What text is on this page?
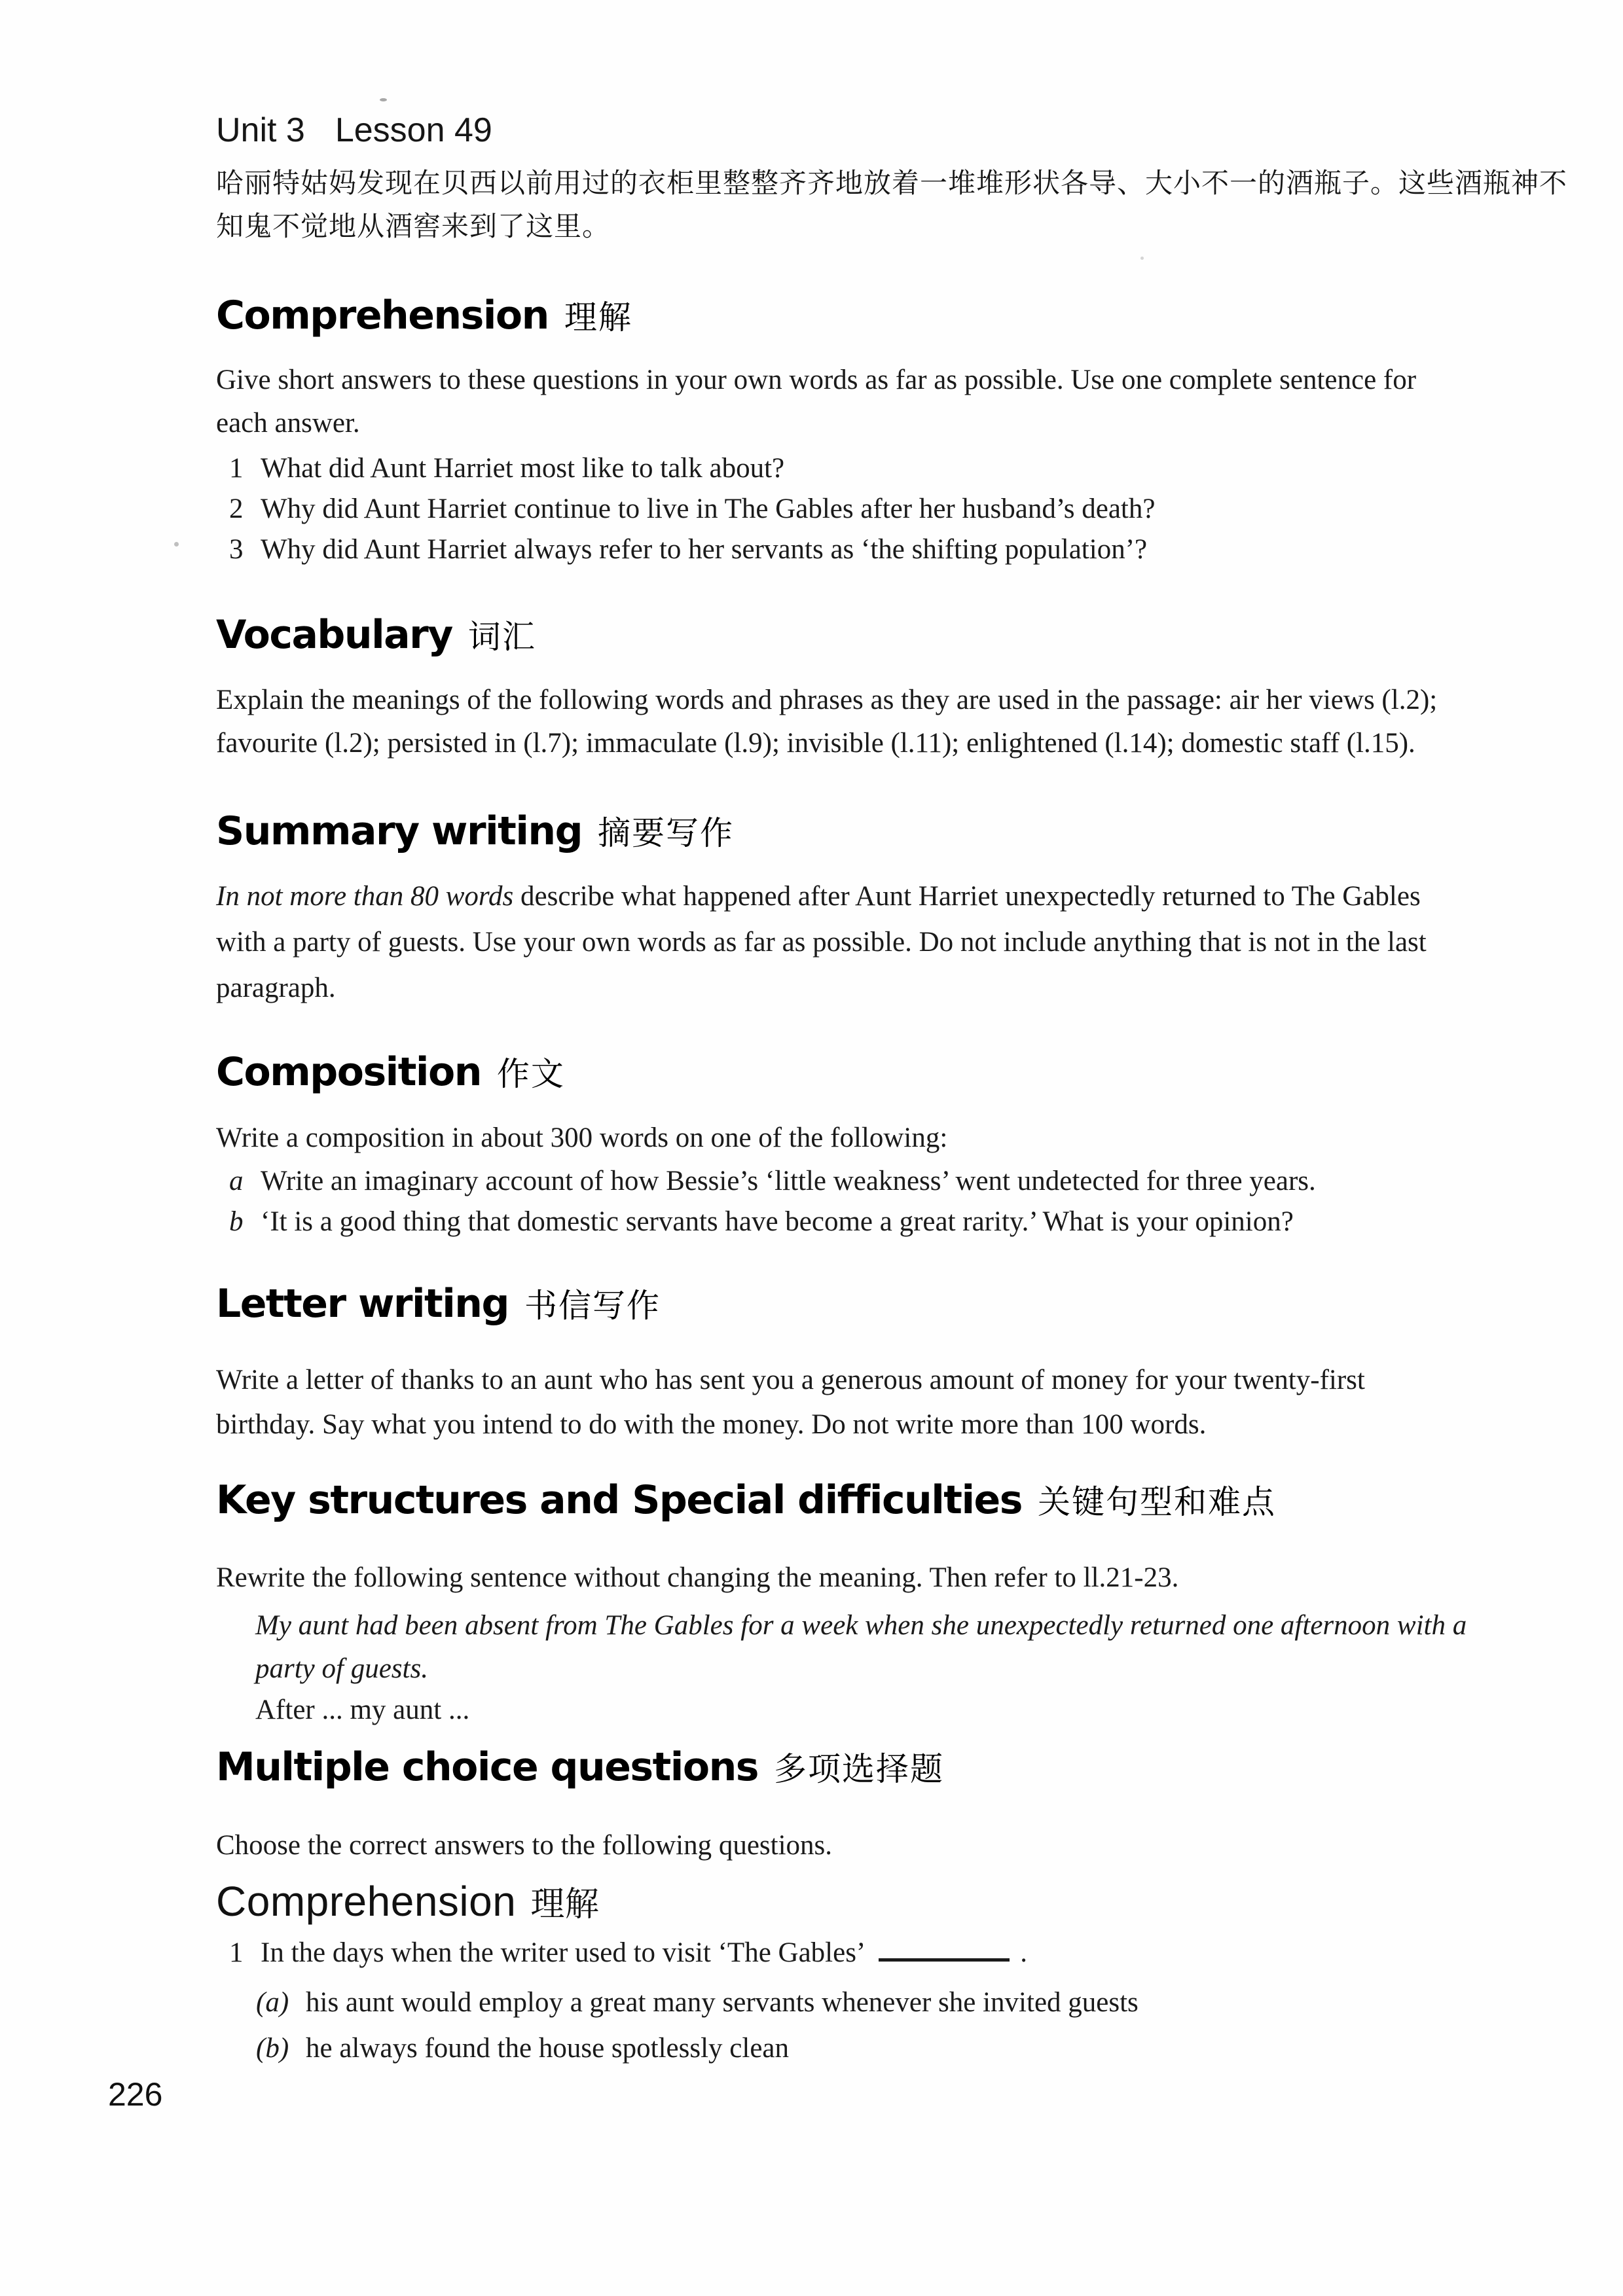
Unit 3 Lesson 49
哈丽特姑妈发现在贝西以前用过的衣柜里整整齐齐地放着一堆堆形状各导、大小不一的酒瓶子。这些酒瓶神不
知鬼不觉地从酒窖来到了这里。
Comprehension 理解
Give short answers to these questions in your own words as far as possible. Use one complete sentence for
each answer.
1 What did Aunt Harriet most like to talk about?
2 Why did Aunt Harriet continue to live in The Gables after her husband’s death?
3 Why did Aunt Harriet always refer to her servants as ‘the shifting population’?
Vocabulary 词汇
Explain the meanings of the following words and phrases as they are used in the passage: air her views (l.2);
favourite (l.2); persisted in (l.7); immaculate (l.9); invisible (l.11); enlightened (l.14); domestic staff (l.15).
Summary writing 摘要写作
In not more than 80 words describe what happened after Aunt Harriet unexpectedly returned to The Gables
with a party of guests. Use your own words as far as possible. Do not include anything that is not in the last
paragraph.
Composition 作文
Write a composition in about 300 words on one of the following:
a Write an imaginary account of how Bessie’s ‘little weakness’ went undetected for three years.
b ‘It is a good thing that domestic servants have become a great rarity.’ What is your opinion?
Letter writing 书信写作
Write a letter of thanks to an aunt who has sent you a generous amount of money for your twenty-first
birthday. Say what you intend to do with the money. Do not write more than 100 words.
Key structures and Special difficulties 关键句型和难点
Rewrite the following sentence without changing the meaning. Then refer to ll.21-23.
My aunt had been absent from The Gables for a week when she unexpectedly returned one afternoon with a
party of guests.
After ... my aunt ...
Multiple choice questions 多项选择题
Choose the correct answers to the following questions.
Comprehension 理解
1 In the days when the writer used to visit ‘The Gables’	.
(a) his aunt would employ a great many servants whenever she invited guests
(b) he always found the house spotlessly clean
226
